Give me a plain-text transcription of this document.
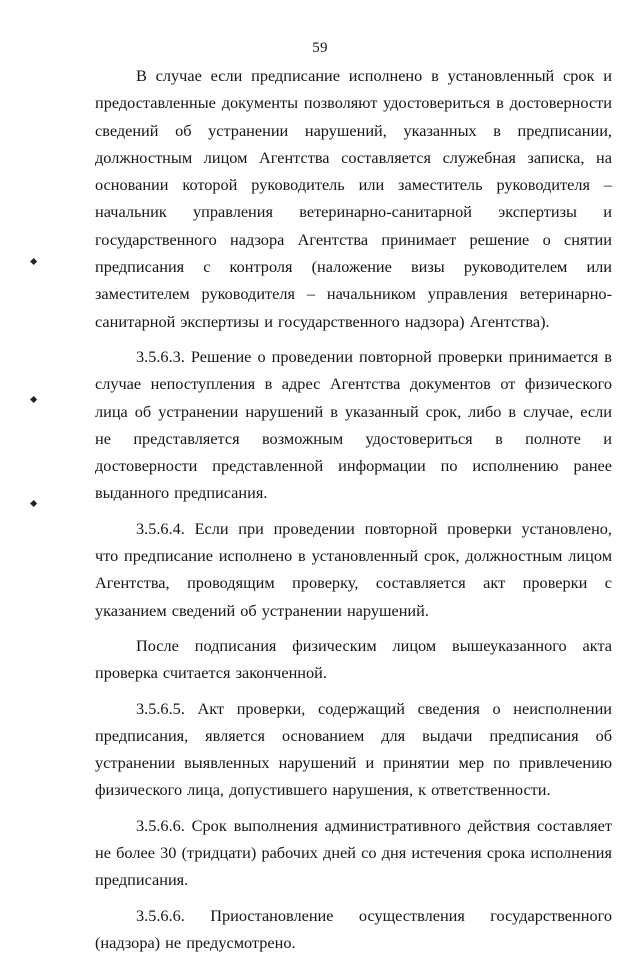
59

В случае если предписание исполнено в установленный срок и предоставленные документы позволяют удостовериться в достоверности сведений об устранении нарушений, указанных в предписании, должностным лицом Агентства составляется служебная записка, на основании которой руководитель или заместитель руководителя – начальник управления ветеринарно-санитарной экспертизы и государственного надзора Агентства принимает решение о снятии предписания с контроля (наложение визы руководителем или заместителем руководителя – начальником управления ветеринарно-санитарной экспертизы и государственного надзора) Агентства).

3.5.6.3. Решение о проведении повторной проверки принимается в случае непоступления в адрес Агентства документов от физического лица об устранении нарушений в указанный срок, либо в случае, если не представляется возможным удостовериться в полноте и достоверности представленной информации по исполнению ранее выданного предписания.

3.5.6.4. Если при проведении повторной проверки установлено, что предписание исполнено в установленный срок, должностным лицом Агентства, проводящим проверку, составляется акт проверки с указанием сведений об устранении нарушений.

После подписания физическим лицом вышеуказанного акта проверка считается законченной.

3.5.6.5. Акт проверки, содержащий сведения о неисполнении предписания, является основанием для выдачи предписания об устранении выявленных нарушений и принятии мер по привлечению физического лица, допустившего нарушения, к ответственности.

3.5.6.6. Срок выполнения административного действия составляет не более 30 (тридцати) рабочих дней со дня истечения срока исполнения предписания.

3.5.6.6. Приостановление осуществления государственного (надзора) не предусмотрено.
